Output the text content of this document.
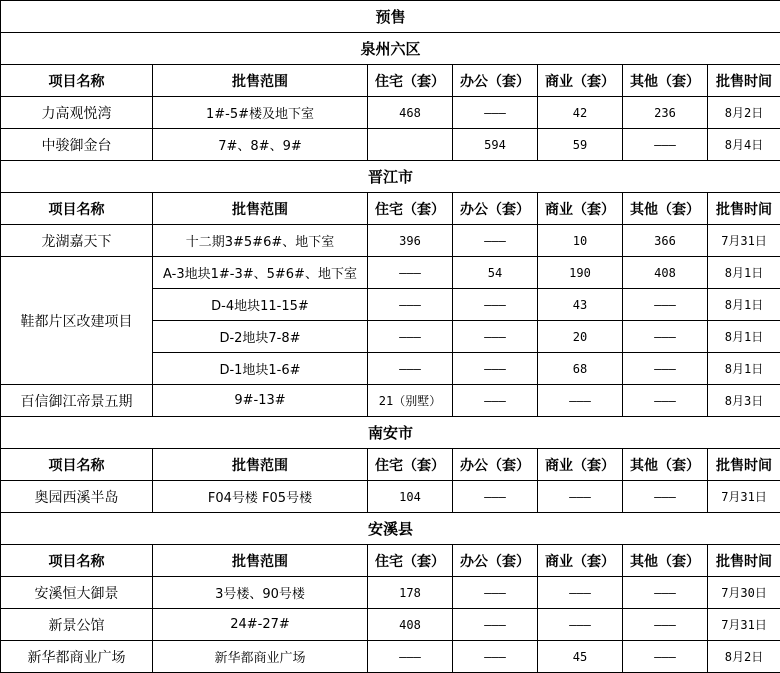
预售						
泉州六区						
项目名称	批售范围	住宅（套）	办公（套）	商业（套）	其他（套）	批售时间
力高观悦湾	1#-5#楼及地下室	468	———	42	236	8月2日
中骏御金台	7#、8#、9#		594	59	———	8月4日
晋江市						
项目名称	批售范围	住宅（套）	办公（套）	商业（套）	其他（套）	批售时间
龙湖嘉天下	十二期3#5#6#、地下室	396	———	10	366	7月31日
鞋都片区改建项目	A-3地块1#-3#、5#6#、地下室	———	54	190	408	8月1日
	D-4地块11-15#	———	———	43	———	8月1日
	D-2地块7-8#	———	———	20	———	8月1日
	D-1地块1-6#	———	———	68	———	8月1日
百信御江帝景五期	9#-13#	21（别墅）	———	———	———	8月3日
南安市						
项目名称	批售范围	住宅（套）	办公（套）	商业（套）	其他（套）	批售时间
奥园西溪半岛	F04号楼 F05号楼	104	———	———	———	7月31日
安溪县						
项目名称	批售范围	住宅（套）	办公（套）	商业（套）	其他（套）	批售时间
安溪恒大御景	3号楼、90号楼	178	———	———	———	7月30日
新景公馆	24#-27#	408	———	———	———	7月31日
新华都商业广场	新华都商业广场	———	———	45	———	8月2日
